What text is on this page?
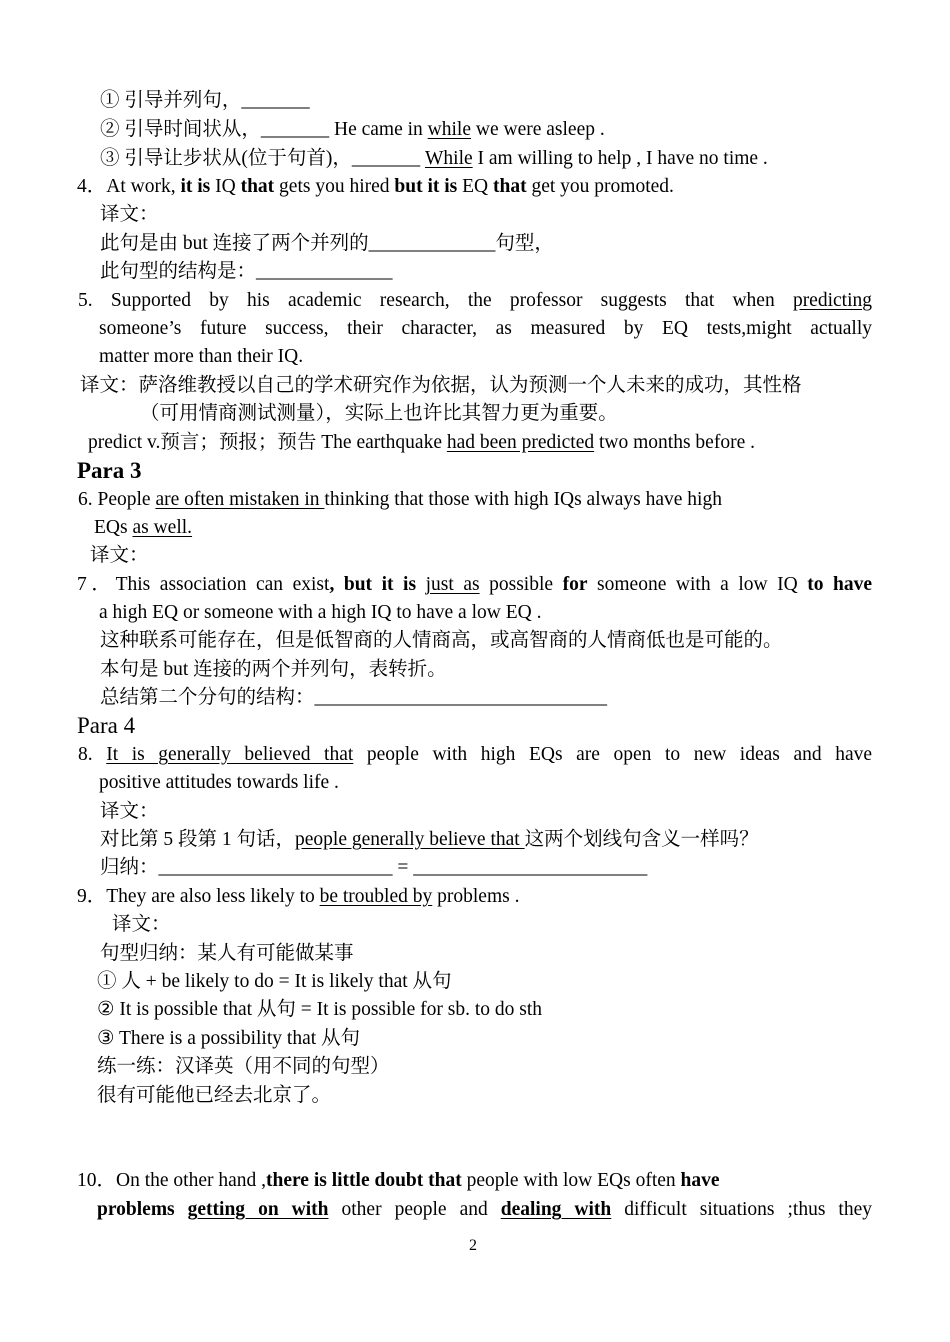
① 引导并列句，_______
② 引导时间状从，_______ He came in while we were asleep .
③ 引导让步状从(位于句首)，_______ While I am willing to help , I have no time .
4．At work, it is IQ that gets you hired but it is EQ that get you promoted.
译文：
此句是由 but 连接了两个并列的_____________句型，
此句型的结构是：______________
5. Supported by his academic research, the professor suggests that when predicting
someone’s future success, their character, as measured by EQ tests,might actually
matter more than their IQ.
译文：萨洛维教授以自己的学术研究作为依据，认为预测一个人未来的成功，其性格
（可用情商测试测量），实际上也许比其智力更为重要。
predict v.预言；预报；预告 The earthquake had been predicted two months before .
Para 3
6. People are often mistaken in thinking that those with high IQs always have high
EQs as well.
译文：
7．This association can exist, but it is just as possible for someone with a low IQ to have
a high EQ or someone with a high IQ to have a low EQ .
这种联系可能存在，但是低智商的人情商高，或高智商的人情商低也是可能的。
本句是 but 连接的两个并列句，表转折。
总结第二个分句的结构：______________________________
Para 4
8. It is generally believed that people with high EQs are open to new ideas and have
positive attitudes towards life .
译文：
对比第 5 段第 1 句话，people generally believe that 这两个划线句含义一样吗？
归纳：________________________ = ________________________
9．They are also less likely to be troubled by problems .
译文：
句型归纳：某人有可能做某事
① 人 + be likely to do = It is likely that 从句
② It is possible that 从句 = It is possible for sb. to do sth
③ There is a possibility that 从句
练一练：汉译英（用不同的句型）
很有可能他已经去北京了。
10．On the other hand ,there is little doubt that people with low EQs often have
problems getting on with other people and dealing with difficult situations ;thus they
2
